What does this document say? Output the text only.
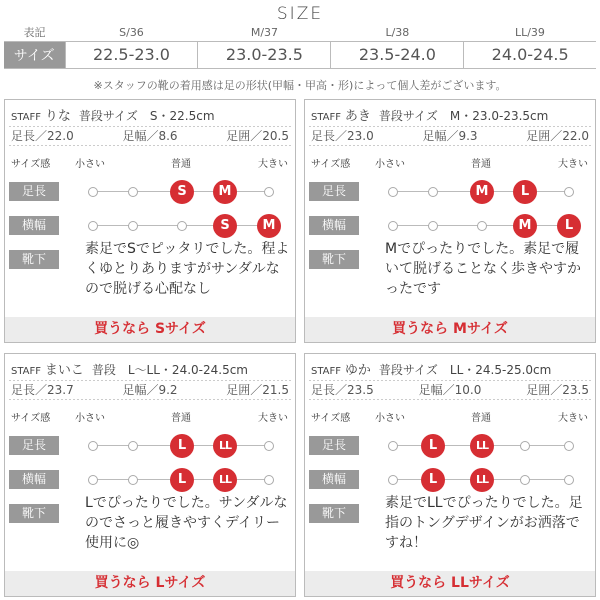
SIZE
表記	S/36	M/37	L/38	LL/39
サイズ	22.5-23.0	23.0-23.5	23.5-24.0	24.0-24.5
※スタッフの靴の着用感は足の形状(甲幅・甲高・形)によって個人差がございます。
STAFF りな 普段サイズ　S・22.5cm
足長／22.0	足幅／8.6	足囲／20.5
サイズ感 小さい	普通	大きい
足長
横幅
靴下
素足でSでピッタリでした。程よくゆとりありますがサンダルなので脱げる心配なし
買うなら Sサイズ
S	M
S	M
STAFF あき 普段サイズ　M・23.0-23.5cm
足長／23.0	足幅／9.3	足囲／22.0
サイズ感 小さい	普通	大きい
足長
横幅
靴下
Mでぴったりでした。素足で履いて脱げることなく歩きやすかったです
買うなら Mサイズ
M	L
M	L
STAFF まいこ 普段　L～LL・24.0-24.5cm
足長／23.7	足幅／9.2	足囲／21.5
サイズ感 小さい	普通	大きい
足長
横幅
靴下
Lでぴったりでした。サンダルなのでさっと履きやすくデイリー使用に◎
買うなら Lサイズ
L	LL
L	LL
STAFF ゆか 普段サイズ　LL・24.5-25.0cm
足長／23.5	足幅／10.0	足囲／23.5
サイズ感 小さい	普通	大きい
足長
横幅
靴下
素足でLLでぴったりでした。足指のトングデザインがお洒落ですね！
買うなら LLサイズ
L	LL
L	LL
